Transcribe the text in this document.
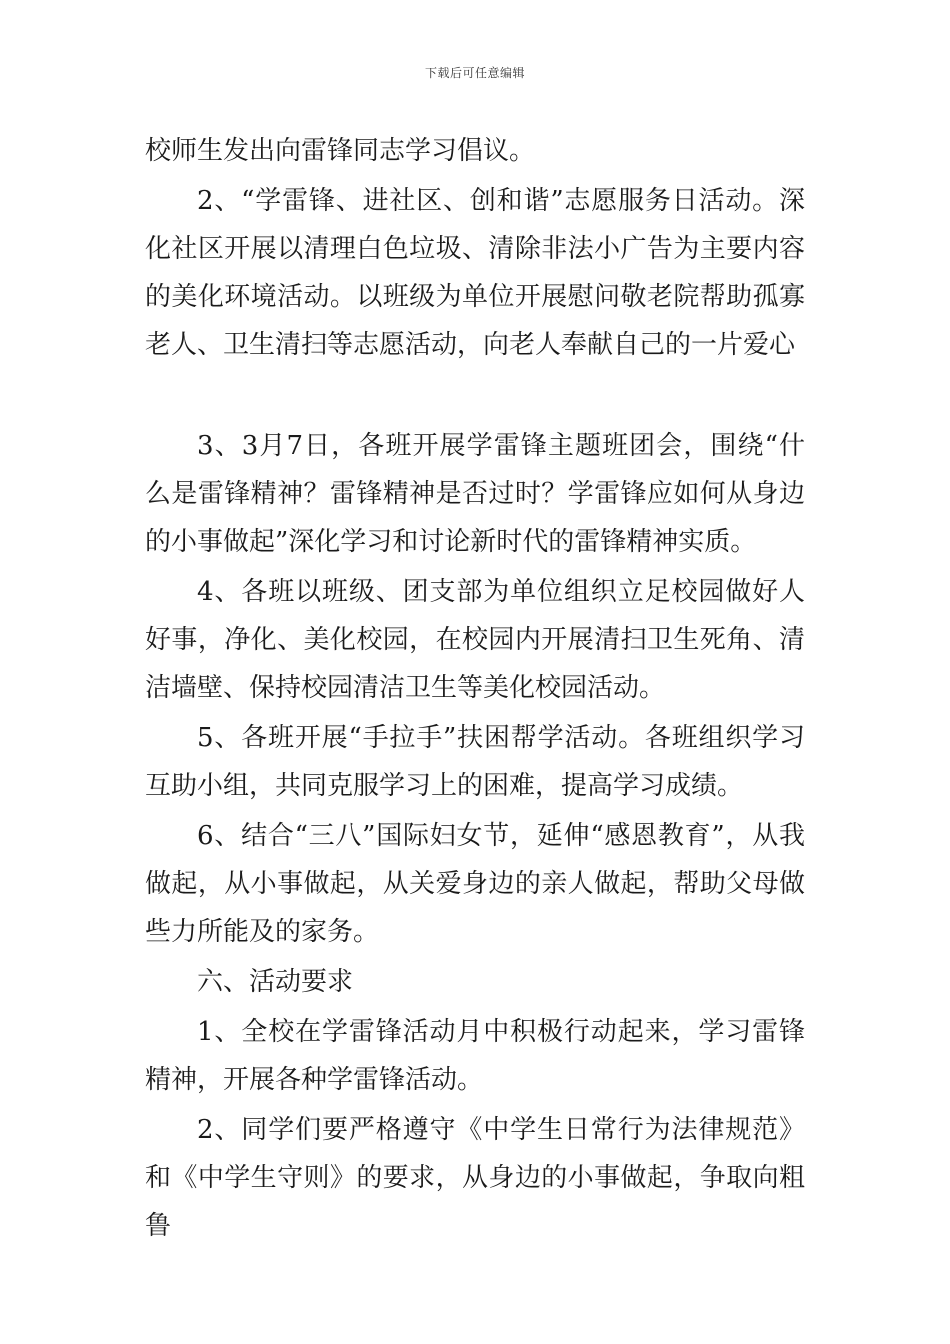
下载后可任意编辑

校师生发出向雷锋同志学习倡议。

2、“学雷锋、进社区、创和谐”志愿服务日活动。深化社区开展以清理白色垃圾、清除非法小广告为主要内容的美化环境活动。以班级为单位开展慰问敬老院帮助孤寡老人、卫生清扫等志愿活动，向老人奉献自己的一片爱心

3、3月7日，各班开展学雷锋主题班团会，围绕“什么是雷锋精神？雷锋精神是否过时？学雷锋应如何从身边的小事做起”深化学习和讨论新时代的雷锋精神实质。

4、各班以班级、团支部为单位组织立足校园做好人好事，净化、美化校园，在校园内开展清扫卫生死角、清洁墙壁、保持校园清洁卫生等美化校园活动。

5、各班开展“手拉手”扶困帮学活动。各班组织学习互助小组，共同克服学习上的困难，提高学习成绩。

6、结合“三八”国际妇女节，延伸“感恩教育”，从我做起，从小事做起，从关爱身边的亲人做起，帮助父母做些力所能及的家务。

六、活动要求

1、全校在学雷锋活动月中积极行动起来，学习雷锋精神，开展各种学雷锋活动。

2、同学们要严格遵守《中学生日常行为法律规范》和《中学生守则》的要求，从身边的小事做起，争取向粗鲁
